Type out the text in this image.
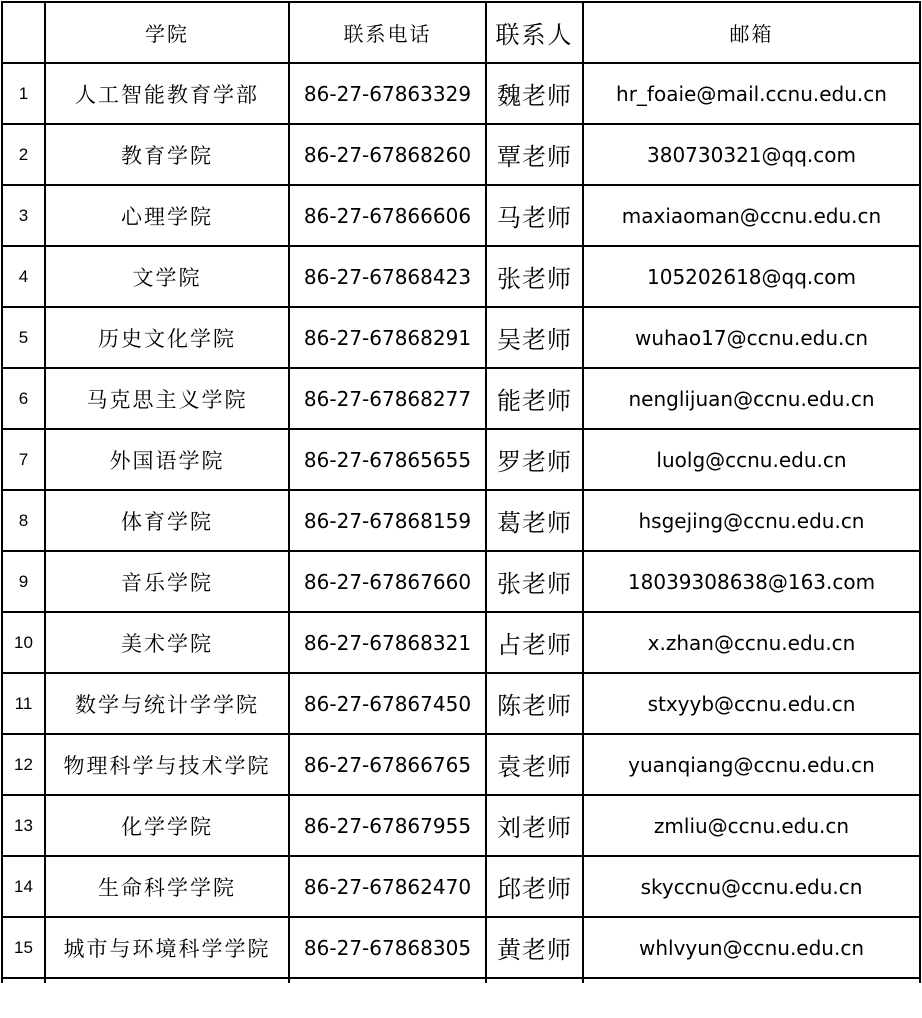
	学院	联系电话	联系人	邮箱
1	人工智能教育学部	86-27-67863329	魏老师	hr_foaie@mail.ccnu.edu.cn
2	教育学院	86-27-67868260	覃老师	380730321@qq.com
3	心理学院	86-27-67866606	马老师	maxiaoman@ccnu.edu.cn
4	文学院	86-27-67868423	张老师	105202618@qq.com
5	历史文化学院	86-27-67868291	吴老师	wuhao17@ccnu.edu.cn
6	马克思主义学院	86-27-67868277	能老师	nenglijuan@ccnu.edu.cn
7	外国语学院	86-27-67865655	罗老师	luolg@ccnu.edu.cn
8	体育学院	86-27-67868159	葛老师	hsgejing@ccnu.edu.cn
9	音乐学院	86-27-67867660	张老师	18039308638@163.com
10	美术学院	86-27-67868321	占老师	x.zhan@ccnu.edu.cn
11	数学与统计学学院	86-27-67867450	陈老师	stxyyb@ccnu.edu.cn
12	物理科学与技术学院	86-27-67866765	袁老师	yuanqiang@ccnu.edu.cn
13	化学学院	86-27-67867955	刘老师	zmliu@ccnu.edu.cn
14	生命科学学院	86-27-67862470	邱老师	skyccnu@ccnu.edu.cn
15	城市与环境科学学院	86-27-67868305	黄老师	whlvyun@ccnu.edu.cn
